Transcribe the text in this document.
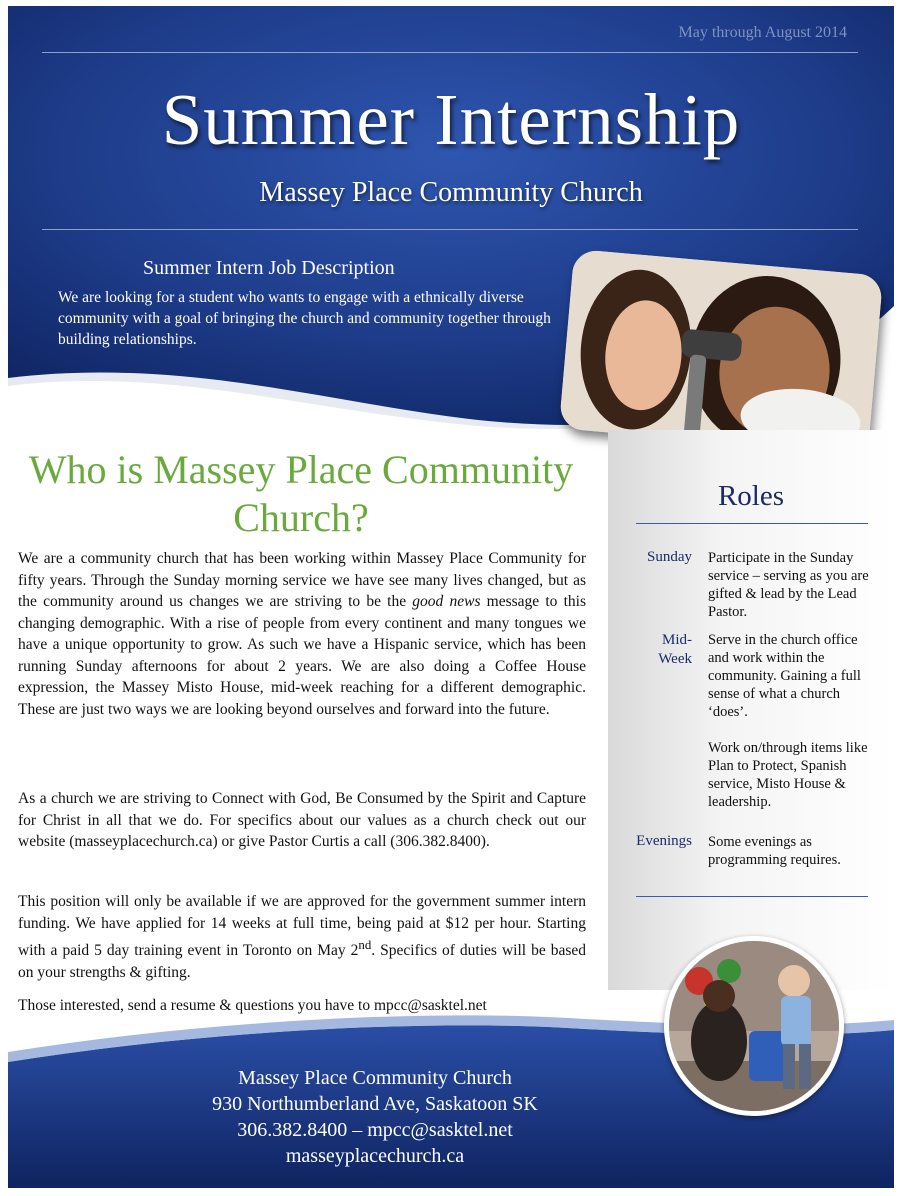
May through August 2014
Summer Internship
Massey Place Community Church
Summer Intern Job Description
We are looking for a student who wants to engage with a ethnically diverse community with a goal of bringing the church and community together through building relationships.
Roles
Sunday Participate in the Sunday service – serving as you are gifted & lead by the Lead Pastor.
Mid-
Week
Serve in the church office and work within the community. Gaining a full sense of what a church ‘does’.
Work on/through items like Plan to Protect, Spanish service, Misto House & leadership.
Evenings Some evenings as programming requires.
Who is Massey Place Community Church?
We are a community church that has been working within Massey Place Community for fifty years. Through the Sunday morning service we have see many lives changed, but as the community around us changes we are striving to be the good news message to this changing demographic. With a rise of people from every continent and many tongues we have a unique opportunity to grow. As such we have a Hispanic service, which has been running Sunday afternoons for about 2 years. We are also doing a Coffee House expression, the Massey Misto House, mid-week reaching for a different demographic. These are just two ways we are looking beyond ourselves and forward into the future.
As a church we are striving to Connect with God, Be Consumed by the Spirit and Capture for Christ in all that we do. For specifics about our values as a church check out our website (masseyplacechurch.ca) or give Pastor Curtis a call (306.382.8400).
This position will only be available if we are approved for the government summer intern funding. We have applied for 14 weeks at full time, being paid at $12 per hour. Starting with a paid 5 day training event in Toronto on May 2nd. Specifics of duties will be based on your strengths & gifting.
Those interested, send a resume & questions you have to mpcc@sasktel.net
Massey Place Community Church
930 Northumberland Ave, Saskatoon SK
306.382.8400 – mpcc@sasktel.net
masseyplacechurch.ca
